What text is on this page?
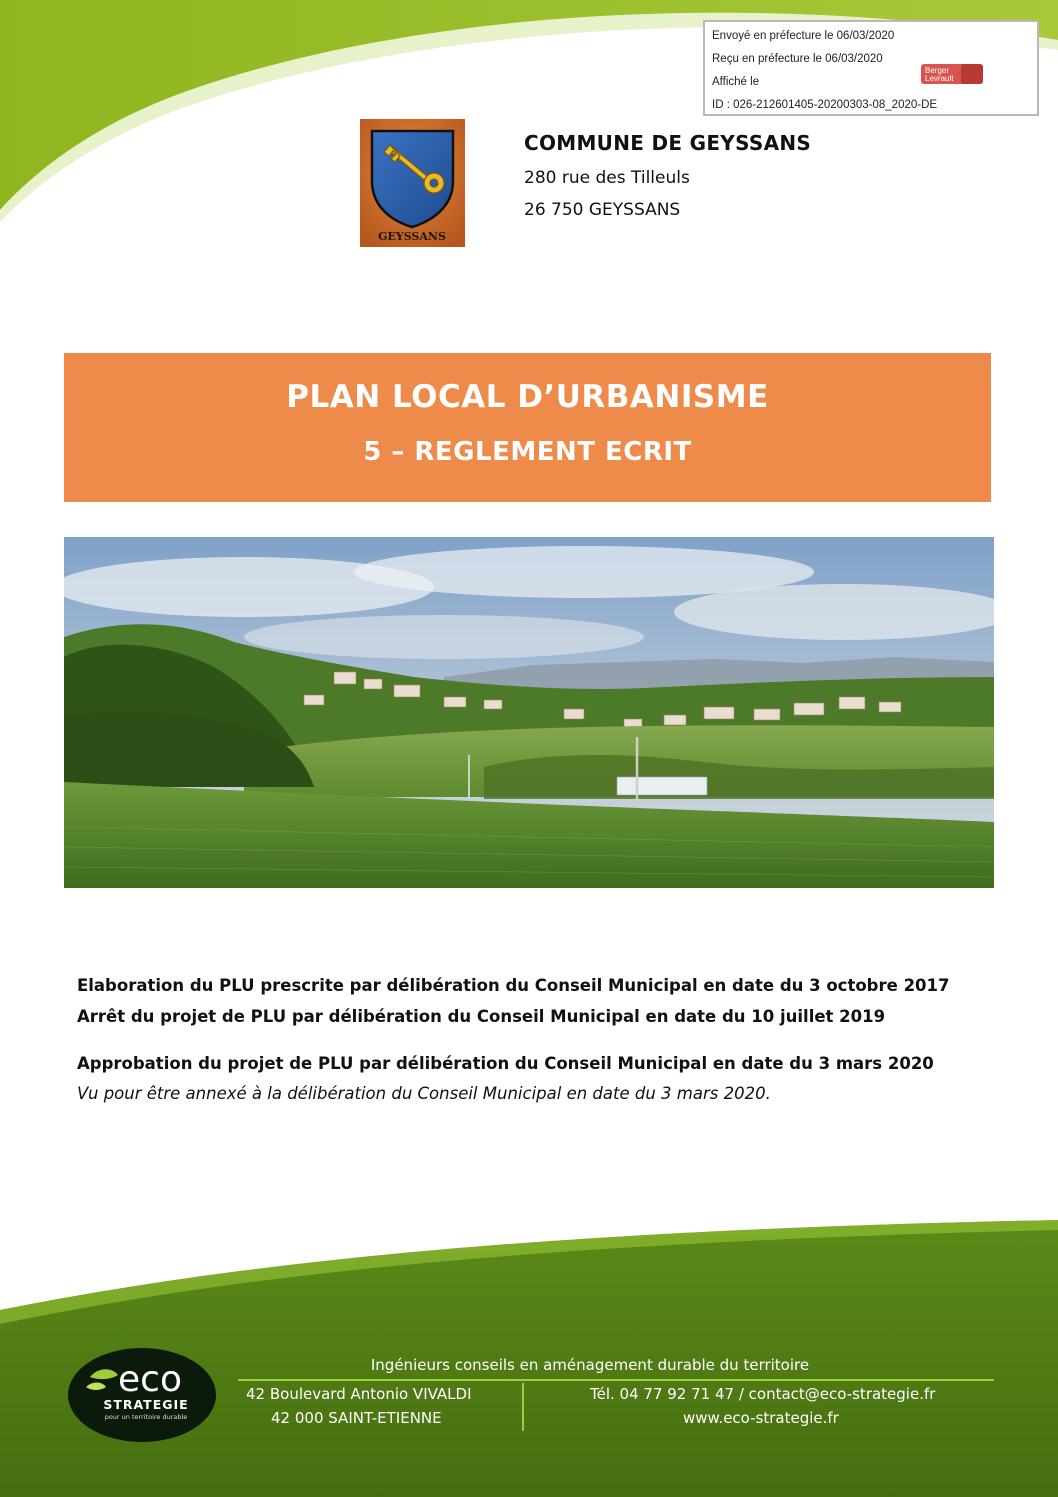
Envoyé en préfecture le 06/03/2020
Reçu en préfecture le 06/03/2020
Affiché le
ID : 026-212601405-20200303-08_2020-DE
Berger
Levrault
GEYSSANS
COMMUNE DE GEYSSANS
280 rue des Tilleuls
26 750 GEYSSANS
PLAN LOCAL D’URBANISME
5 – REGLEMENT ECRIT
Elaboration du PLU prescrite par délibération du Conseil Municipal en date du 3 octobre 2017
Arrêt du projet de PLU par délibération du Conseil Municipal en date du 10 juillet 2019
Approbation du projet de PLU par délibération du Conseil Municipal en date du 3 mars 2020
Vu pour être annexé à la délibération du Conseil Municipal en date du 3 mars 2020.
eco
STRATEGIE
pour un territoire durable
Ingénieurs conseils en aménagement durable du territoire
42 Boulevard Antonio VIVALDI
42 000 SAINT-ETIENNE
Tél. 04 77 92 71 47 / contact@eco-strategie.fr
www.eco-strategie.fr
